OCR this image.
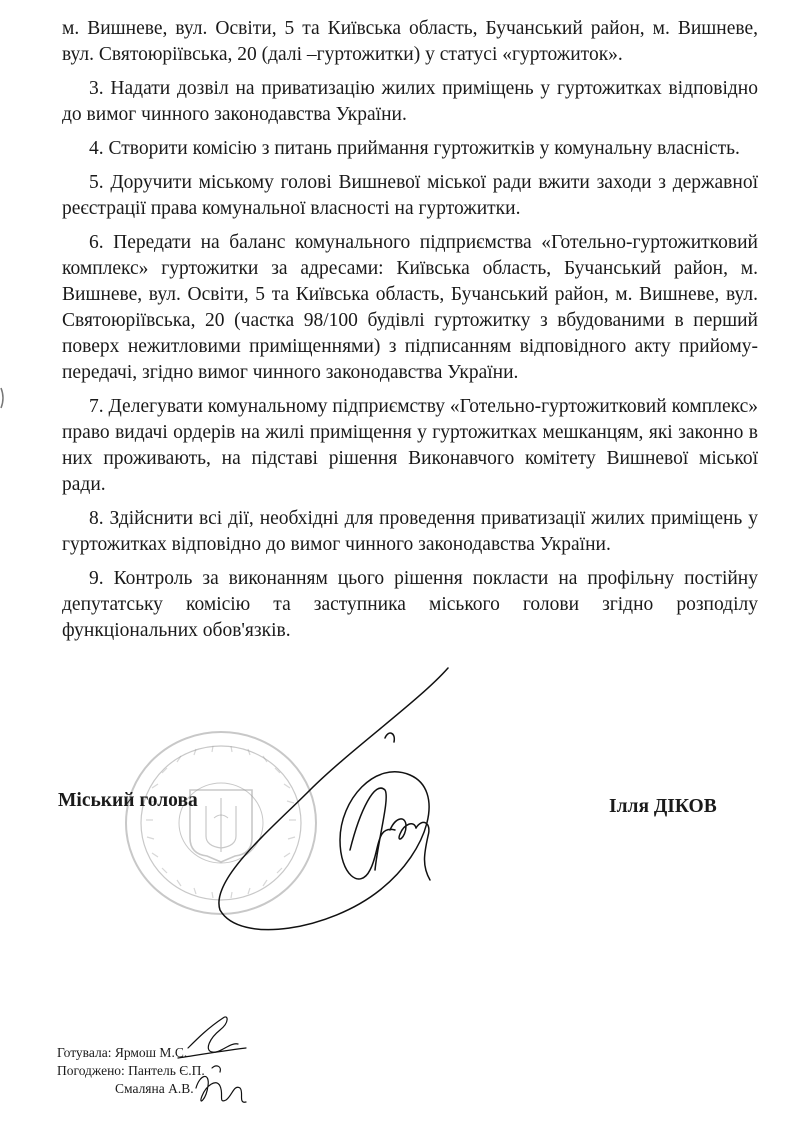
м. Вишневе, вул. Освіти, 5 та Київська область, Бучанський район, м. Вишневе, вул. Святоюріївська, 20 (далі –гуртожитки) у статусі «гуртожиток».

3. Надати дозвіл на приватизацію жилих приміщень у гуртожитках відповідно до вимог чинного законодавства України.

4. Створити комісію з питань приймання гуртожитків у комунальну власність.

5. Доручити міському голові Вишневої міської ради вжити заходи з державної реєстрації права комунальної власності на гуртожитки.

6. Передати на баланс комунального підприємства «Готельно-гуртожитковий комплекс» гуртожитки за адресами: Київська область, Бучанський район, м. Вишневе, вул. Освіти, 5 та Київська область, Бучанський район, м. Вишневе, вул. Святоюріївська, 20 (частка 98/100 будівлі гуртожитку з вбудованими в перший поверх нежитловими приміщеннями) з підписанням відповідного акту прийому-передачі, згідно вимог чинного законодавства України.

7. Делегувати комунальному підприємству «Готельно-гуртожитковий комплекс» право видачі ордерів на жилі приміщення у гуртожитках мешканцям, які законно в них проживають, на підставі рішення Виконавчого комітету Вишневої міської ради.

8. Здійснити всі дії, необхідні для проведення приватизації жилих приміщень у гуртожитках відповідно до вимог чинного законодавства України.

9. Контроль за виконанням цього рішення покласти на профільну постійну депутатську комісію та заступника міського голови згідно розподілу функціональних обов'язків.

Міський голова	Ілля ДІКОВ
Готувала: Ярмош М.С.
Погоджено: Пантель Є.П.
Смаляна А.В.
